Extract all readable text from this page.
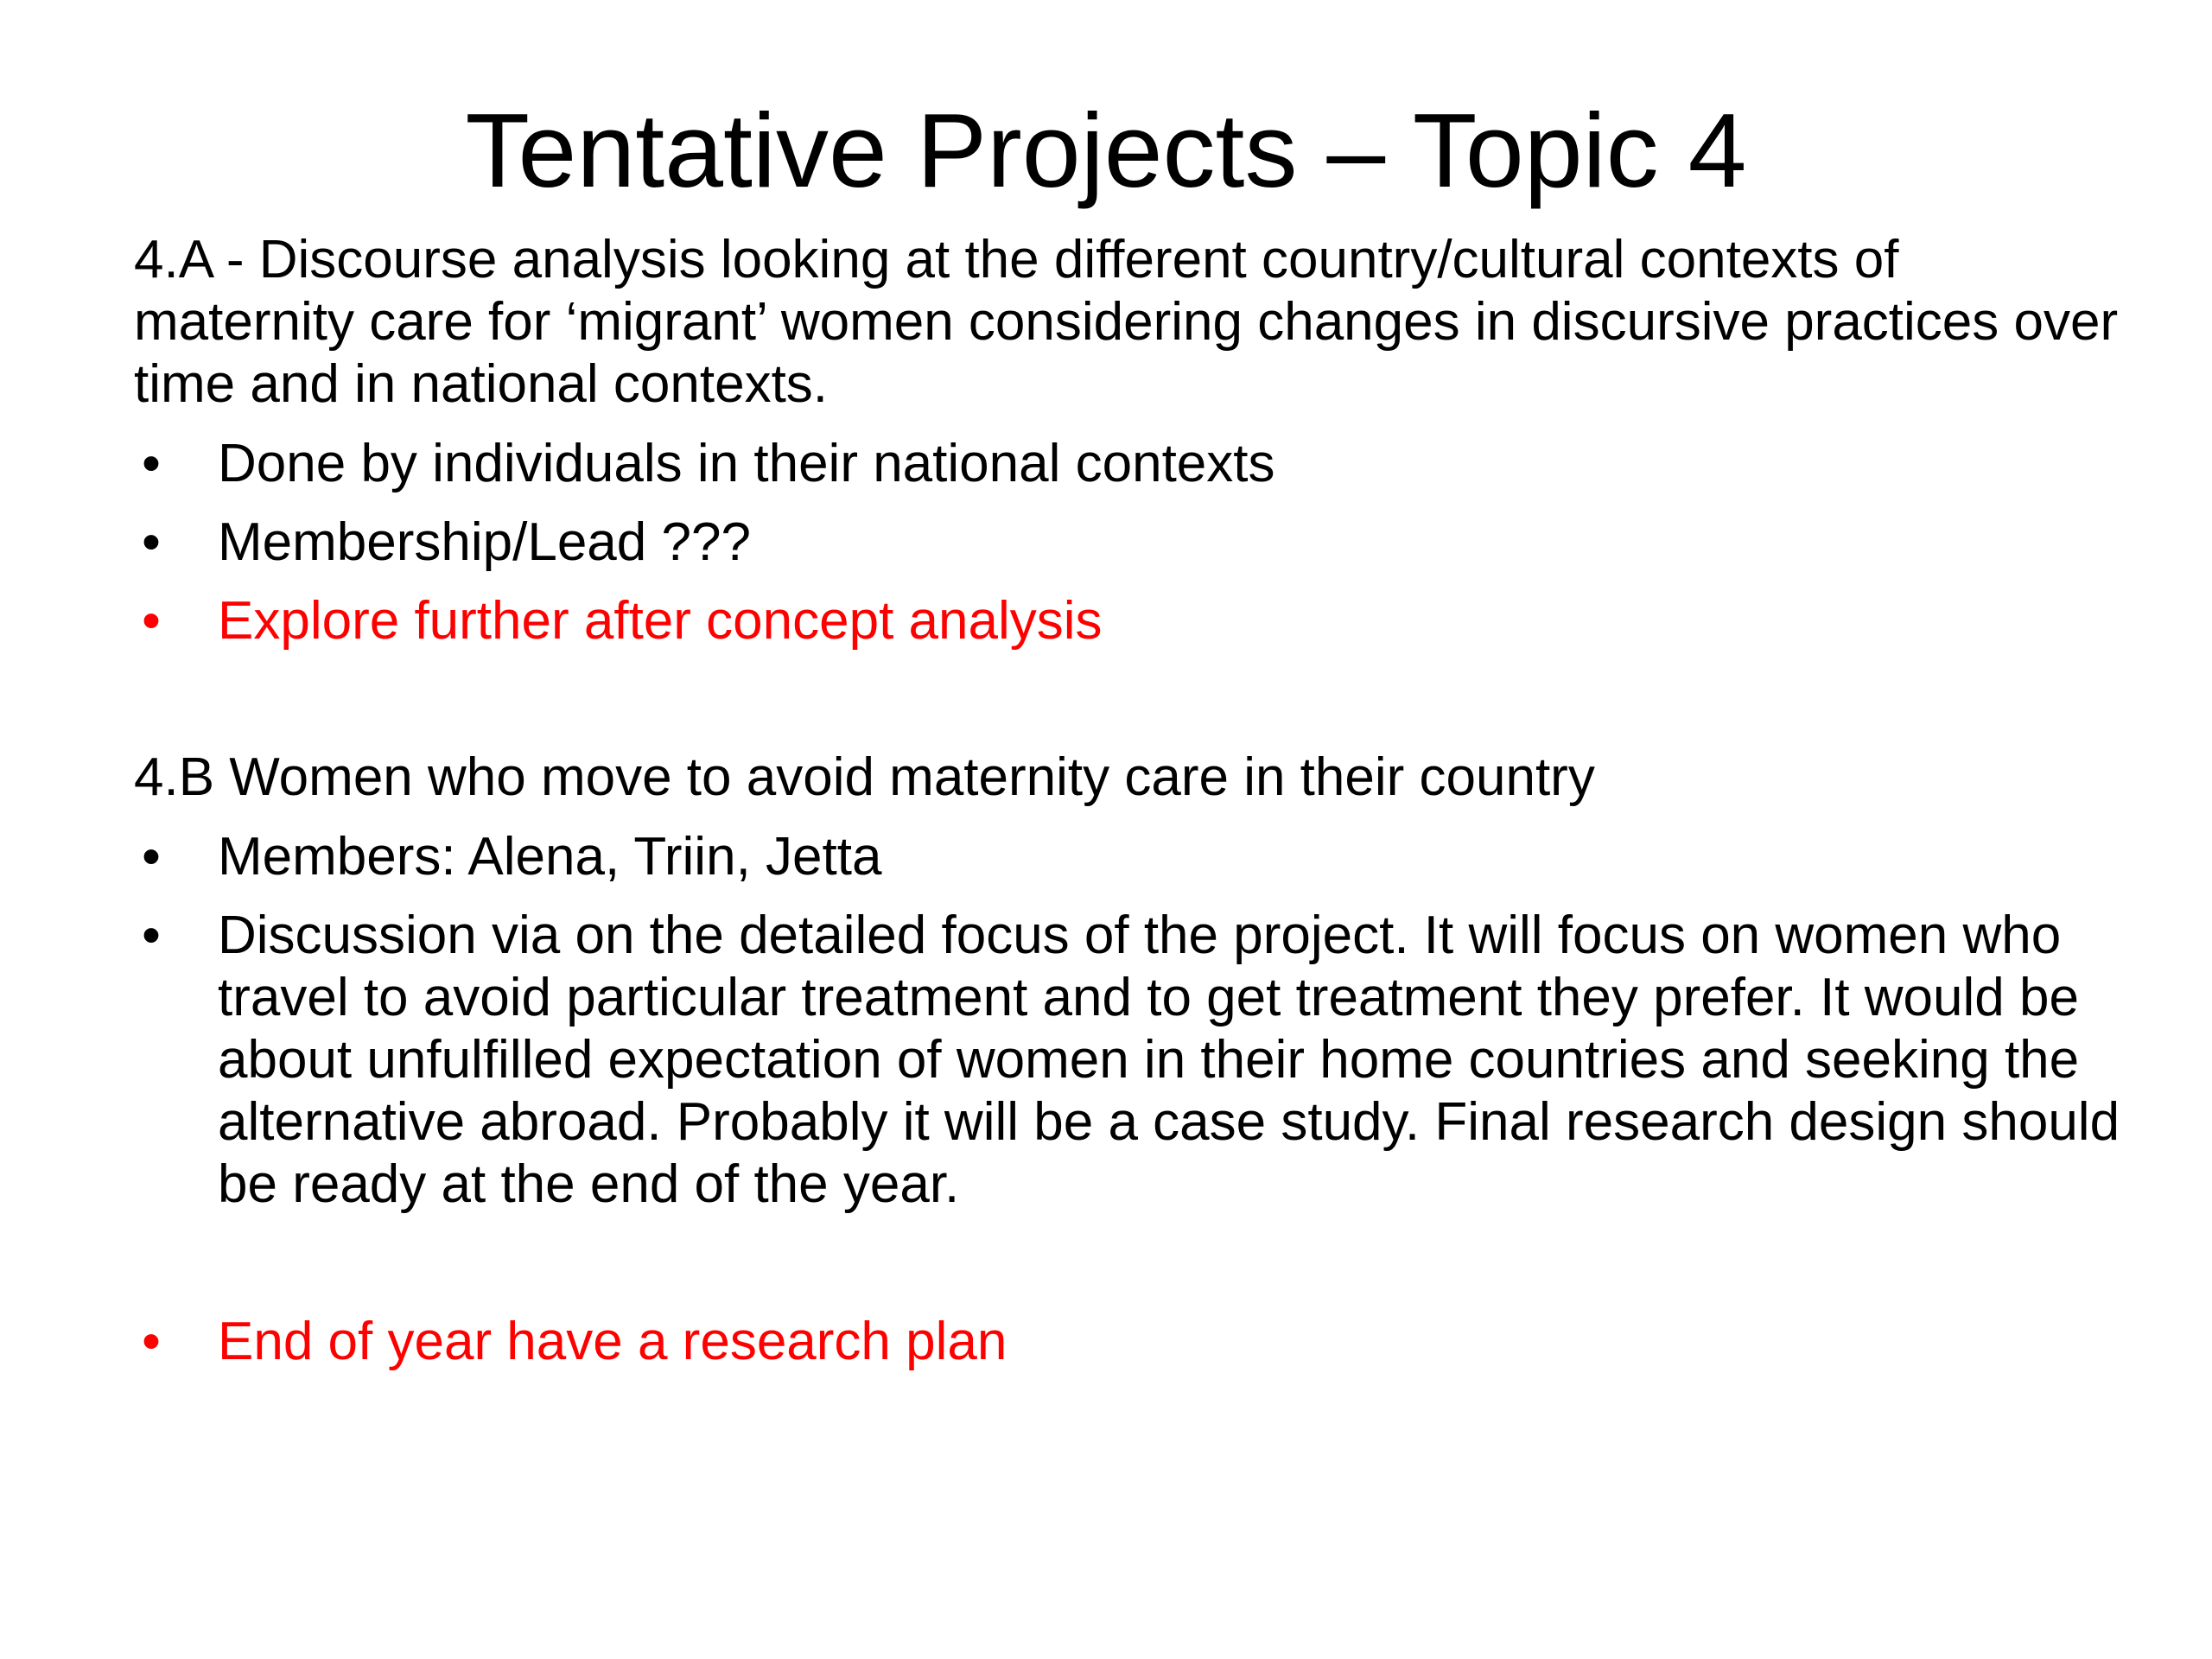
Tentative Projects – Topic 4

4.A - Discourse analysis looking at the different country/cultural contexts of maternity care for ‘migrant’ women considering changes in discursive practices over time and in national contexts.

• Done by individuals in their national contexts
• Membership/Lead ???
• Explore further after concept analysis

4.B Women who move to avoid maternity care in their country

• Members: Alena, Triin, Jetta
• Discussion via on the detailed focus of the project. It will focus on women who travel to avoid particular treatment and to get treatment they prefer. It would be about unfulfilled expectation of women in their home countries and seeking the alternative abroad. Probably it will be a case study. Final research design should be ready at the end of the year.
• End of year have a research plan
